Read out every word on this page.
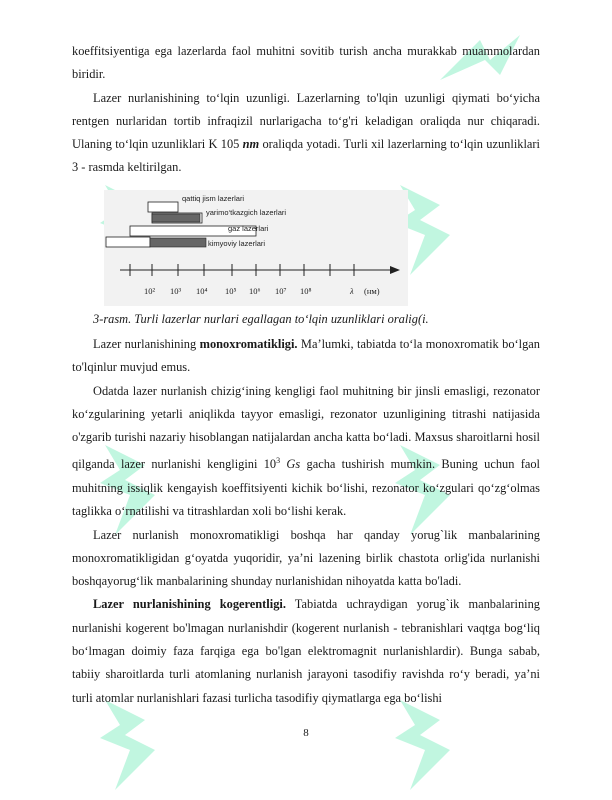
koeffitsiyentiga ega lazerlarda faol muhitni sovitib turish ancha murakkab muammolardan biridir.

Lazer nurlanishining to‘lqin uzunligi. Lazerlarning to'lqin uzunligi qiymati bo‘yicha rentgen nurlaridan tortib infraqizil nurlarigacha to‘g'ri keladigan oraliqda nur chiqaradi. Ulaning to‘lqin uzunliklari K 105 nm oraliqda yotadi. Turli xil lazerlarning to‘lqin uzunliklari 3 - rasmda keltirilgan.

qattiq jism lazerlari
yarimo‘tkazgich lazerlari
gaz lazerlari
kimyoviy lazerlari
10² 10³ 10⁴ 10⁵ 10⁶ 10⁷ 10⁸	λ (нм)
3-rasm. Turli lazerlar nurlari egallagan to‘lqin uzunliklari oralig(i.

Lazer nurlanishining monoxromatikligi. Ma’lumki, tabiatda to‘la monoxromatik bo‘lgan to'lqinlur muvjud emus.

Odatda lazer nurlanish chizig‘ining kengligi faol muhitning bir jinsli emasligi, rezonator ko‘zgularining yetarli aniqlikda tayyor emasligi, rezonator uzunligining titrashi natijasida o'zgarib turishi nazariy hisoblangan natijalardan ancha katta bo‘ladi. Maxsus sharoitlarni hosil qilganda lazer nurlanishi kengligini $10^3$ Gs gacha tushirish mumkin. Buning uchun faol muhitning issiqlik kengayish koeffitsiyenti kichik bo‘lishi, rezonator ko‘zgulari qo‘zg‘olmas taglikka o‘rnatilishi va titrashlardan xoli bo‘lishi kerak.

Lazer nurlanish monoxromatikligi boshqa har qanday yorug`lik manbalarining monoxromatikligidan g‘oyatda yuqoridir, ya’ni lazening birlik chastota orlig'ida nurlanishi boshqayorug‘lik manbalarining shunday nurlanishidan nihoyatda katta bo'ladi.

Lazer nurlanishining kogerentligi. Tabiatda uchraydigan yorug`ik manbalarining nurlanishi kogerent bo'lmagan nurlanishdir (kogerent nurlanish - tebranishlari vaqtga bog‘liq bo‘lmagan doimiy faza farqiga ega bo'lgan elektromagnit nurlanishlardir). Bunga sabab, tabiiy sharoitlarda turli atomlaning nurlanish jarayoni tasodifiy ravishda ro‘y beradi, ya’ni turli atomlar nurlanishlari fazasi turlicha tasodifiy qiymatlarga ega bo‘lishi

8
